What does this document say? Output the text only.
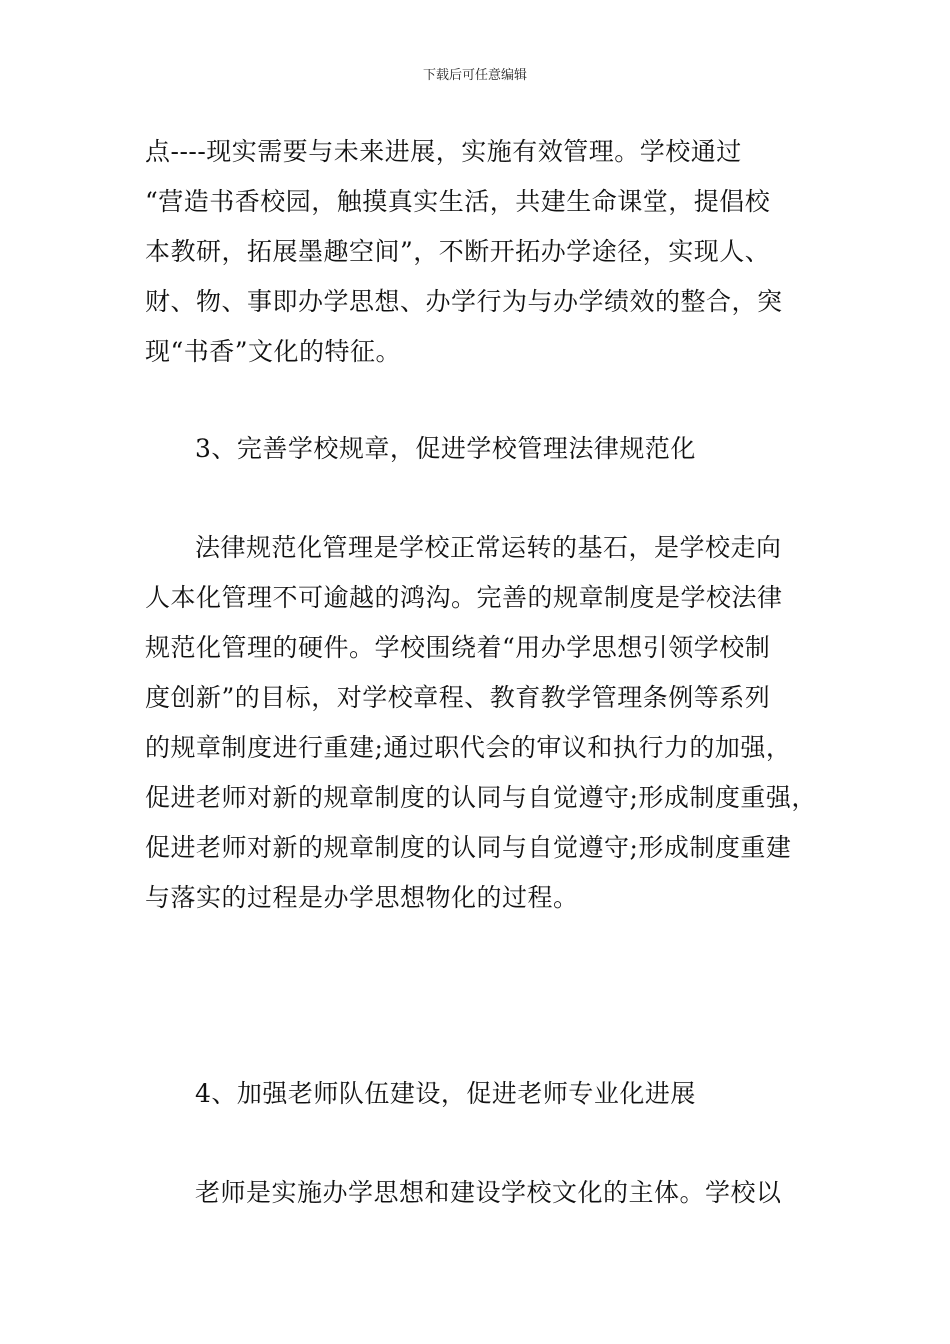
下载后可任意编辑
点----现实需要与未来进展，实施有效管理。学校通过
“营造书香校园，触摸真实生活，共建生命课堂，提倡校
本教研，拓展墨趣空间”，不断开拓办学途径，实现人、
财、物、事即办学思想、办学行为与办学绩效的整合，突
现“书香”文化的特征。
3、完善学校规章，促进学校管理法律规范化
法律规范化管理是学校正常运转的基石，是学校走向
人本化管理不可逾越的鸿沟。完善的规章制度是学校法律
规范化管理的硬件。学校围绕着“用办学思想引领学校制
度创新”的目标，对学校章程、教育教学管理条例等系列
的规章制度进行重建;通过职代会的审议和执行力的加强，
促进老师对新的规章制度的认同与自觉遵守;形成制度重强，
促进老师对新的规章制度的认同与自觉遵守;形成制度重建
与落实的过程是办学思想物化的过程。
4、加强老师队伍建设，促进老师专业化进展
老师是实施办学思想和建设学校文化的主体。学校以
